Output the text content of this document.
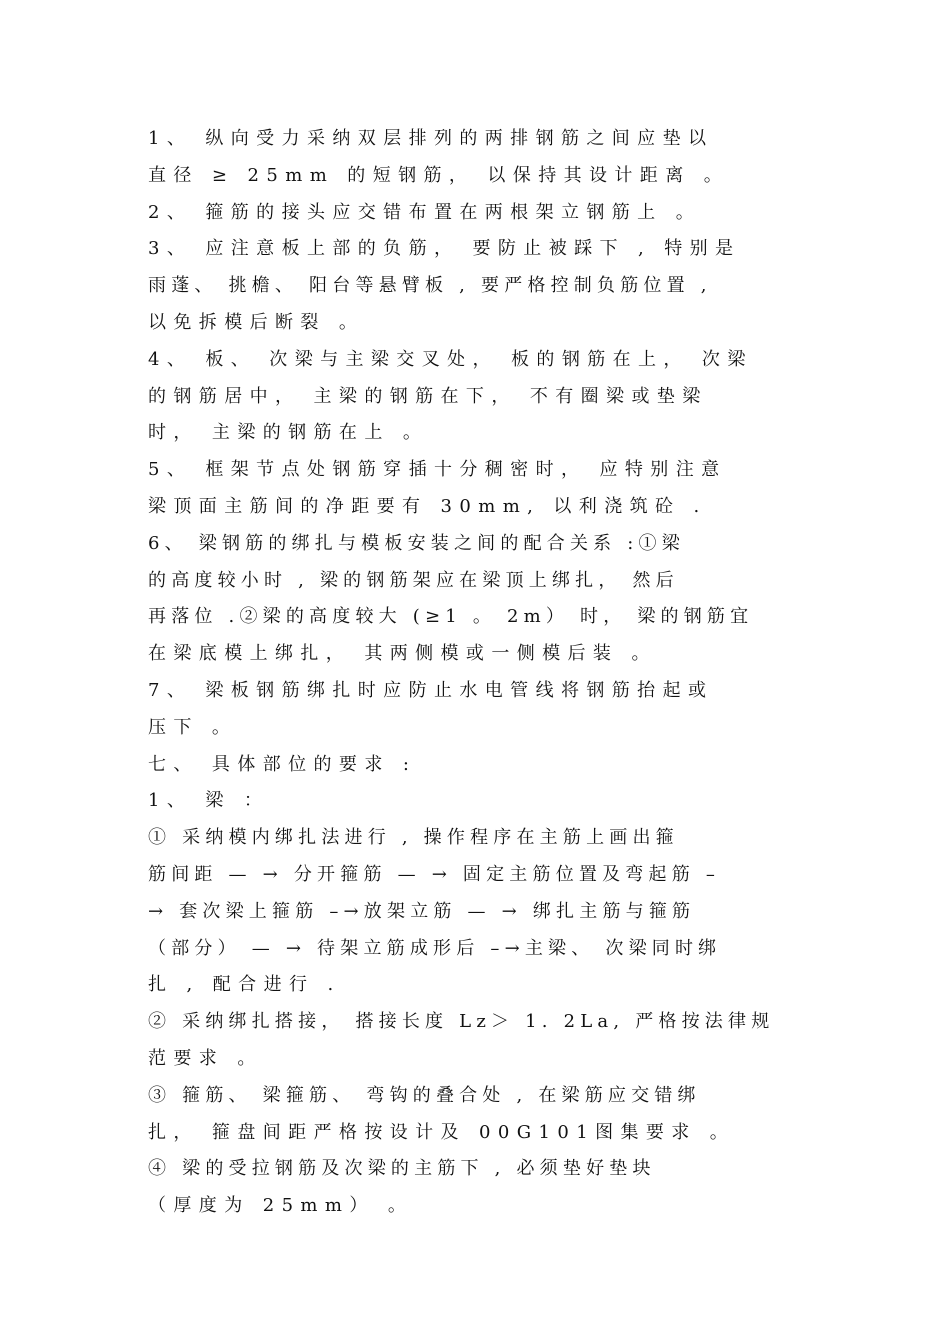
1、 纵向受力采纳双层排列的两排钢筋之间应垫以
直径 ≥ 25mm 的短钢筋， 以保持其设计距离 。
2、 箍筋的接头应交错布置在两根架立钢筋上 。
3、 应注意板上部的负筋， 要防止被踩下 , 特别是
雨蓬、 挑檐、 阳台等悬臂板 , 要严格控制负筋位置 ,
以免拆模后断裂 。
4、 板、 次梁与主梁交叉处， 板的钢筋在上， 次梁
的钢筋居中， 主梁的钢筋在下， 不有圈梁或垫梁
时， 主梁的钢筋在上 。
5、 框架节点处钢筋穿插十分稠密时， 应特别注意
梁顶面主筋间的净距要有 30mm, 以利浇筑砼 .
6、 梁钢筋的绑扎与模板安装之间的配合关系 :①梁
的高度较小时 , 梁的钢筋架应在梁顶上绑扎， 然后
再落位 .②梁的高度较大 (≥1 。 2m） 时， 梁的钢筋宜
在梁底模上绑扎， 其两侧模或一侧模后装 。
7、 梁板钢筋绑扎时应防止水电管线将钢筋抬起或
压下 。
七、 具体部位的要求 :
1、 梁 ：
① 采纳模内绑扎法进行 , 操作程序在主筋上画出箍
筋间距 — → 分开箍筋 — → 固定主筋位置及弯起筋 –
→ 套次梁上箍筋 –→放架立筋 — → 绑扎主筋与箍筋
（部分） — → 待架立筋成形后 –→主梁、 次梁同时绑
扎 , 配合进行 .
② 采纳绑扎搭接， 搭接长度 Lz＞ 1. 2La, 严格按法律规
范要求 。
③ 箍筋、 梁箍筋、 弯钩的叠合处 , 在梁筋应交错绑
扎， 箍盘间距严格按设计及 00G101图集要求 。
④ 梁的受拉钢筋及次梁的主筋下 , 必须垫好垫块
（厚度为 25mm） 。
